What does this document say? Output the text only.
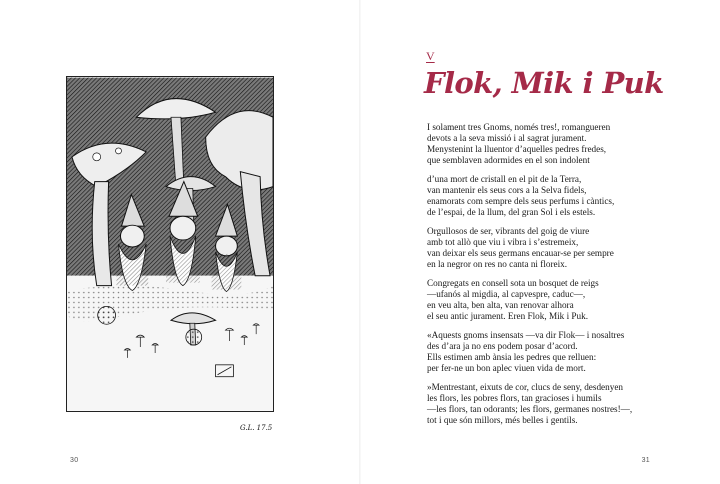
G.L. 17.5
30
V
Flok, Mik i Puk
I solament tres Gnoms, només tres!, romangueren
devots a la seva missió i al sagrat jurament.
Menystenint la lluentor d’aquelles pedres fredes,
que semblaven adormides en el son indolent
d’una mort de cristall en el pit de la Terra,
van mantenir els seus cors a la Selva fidels,
enamorats com sempre dels seus perfums i càntics,
de l’espai, de la llum, del gran Sol i els estels.
Orgullosos de ser, vibrants del goig de viure
amb tot allò que viu i vibra i s’estremeix,
van deixar els seus germans encauar-se per sempre
en la negror on res no canta ni floreix.
Congregats en consell sota un bosquet de reigs
—ufanós al migdia, al capvespre, caduc—,
en veu alta, ben alta, van renovar alhora
el seu antic jurament. Eren Flok, Mik i Puk.
«Aquests gnoms insensats —va dir Flok— i nosaltres
des d’ara ja no ens podem posar d’acord.
Ells estimen amb ànsia les pedres que relluen:
per fer-ne un bon aplec viuen vida de mort.
»Mentrestant, eixuts de cor, clucs de seny, desdenyen
les flors, les pobres flors, tan gracioses i humils
—les flors, tan odorants; les flors, germanes nostres!—,
tot i que són millors, més belles i gentils.
31
